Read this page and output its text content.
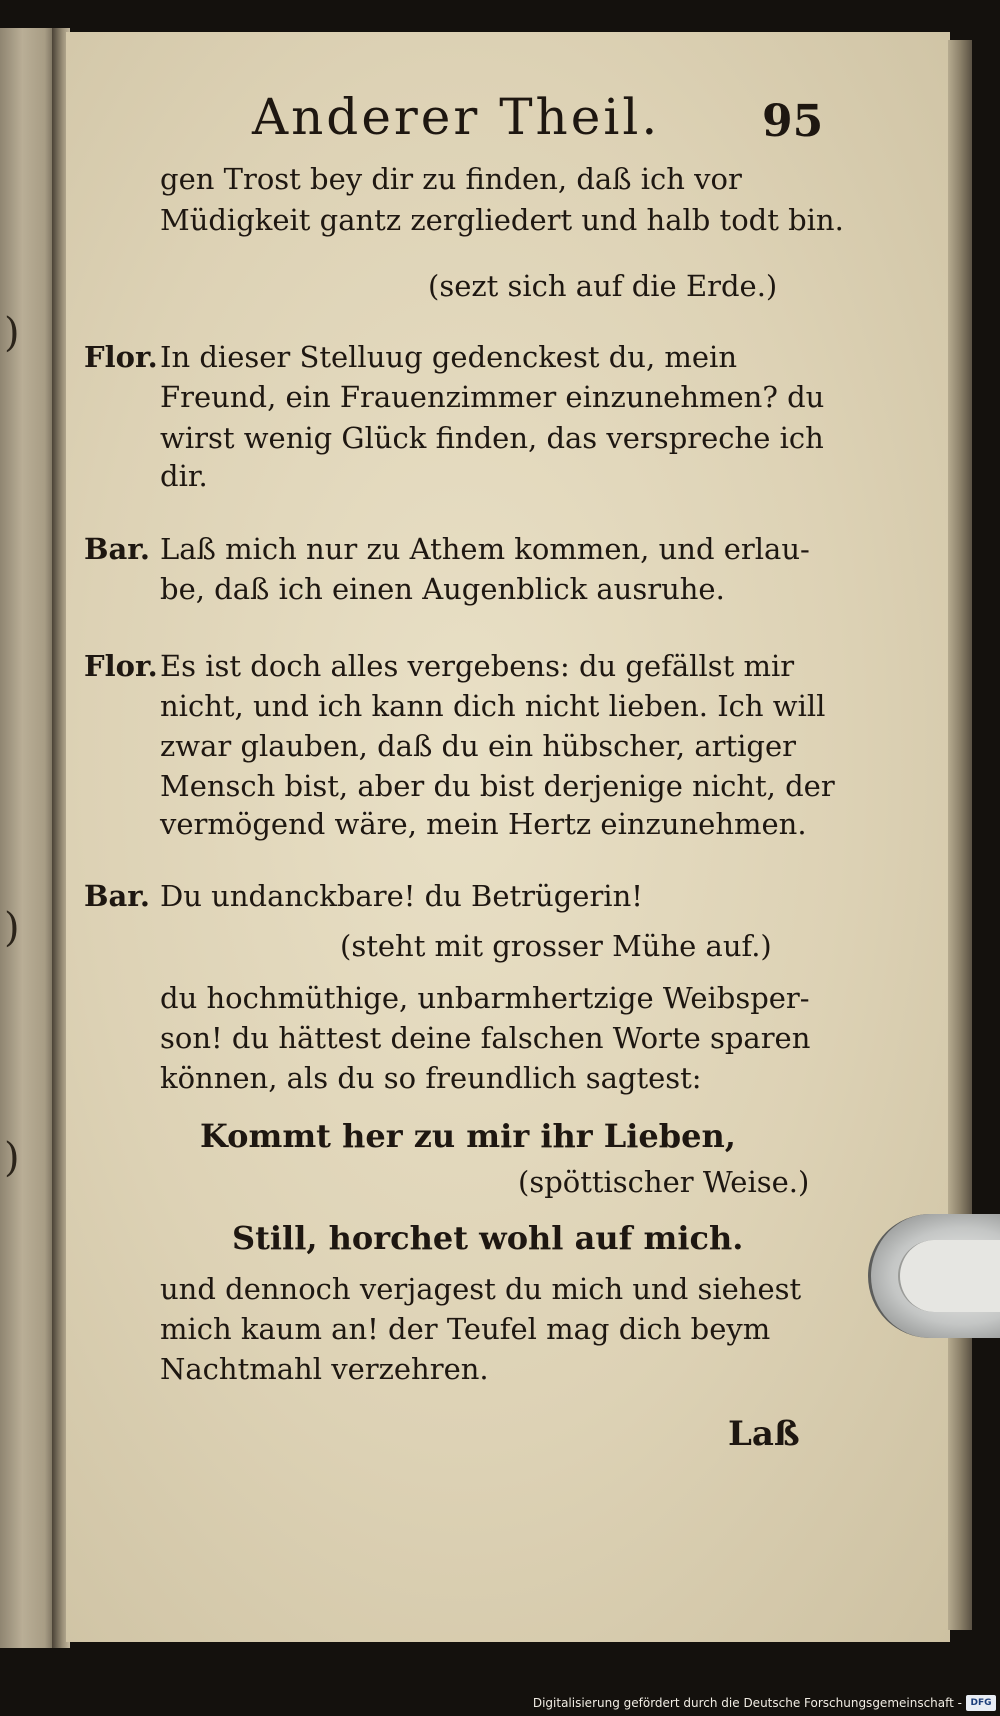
)
)
)
Anderer Theil. 95
gen Trost bey dir zu finden, daß ich vor
Müdigkeit gantz zergliedert und halb todt bin.
(sezt sich auf die Erde.)
Flor. In dieser Stelluug gedenckest du, mein
Freund, ein Frauenzimmer einzunehmen? du
wirst wenig Glück finden, das verspreche ich
dir.
Bar. Laß mich nur zu Athem kommen, und erlau-
be, daß ich einen Augenblick ausruhe.
Flor. Es ist doch alles vergebens: du gefällst mir
nicht, und ich kann dich nicht lieben. Ich will
zwar glauben, daß du ein hübscher, artiger
Mensch bist, aber du bist derjenige nicht, der
vermögend wäre, mein Hertz einzunehmen.
Bar. Du undanckbare! du Betrügerin!
(steht mit grosser Mühe auf.)
du hochmüthige, unbarmhertzige Weibsper-
son! du hättest deine falschen Worte sparen
können, als du so freundlich sagtest:
Kommt her zu mir ihr Lieben,
(spöttischer Weise.)
Still, horchet wohl auf mich.
und dennoch verjagest du mich und siehest
mich kaum an! der Teufel mag dich beym
Nachtmahl verzehren.
Laß
Digitalisierung gefördert durch die Deutsche Forschungsgemeinschaft - DFG
